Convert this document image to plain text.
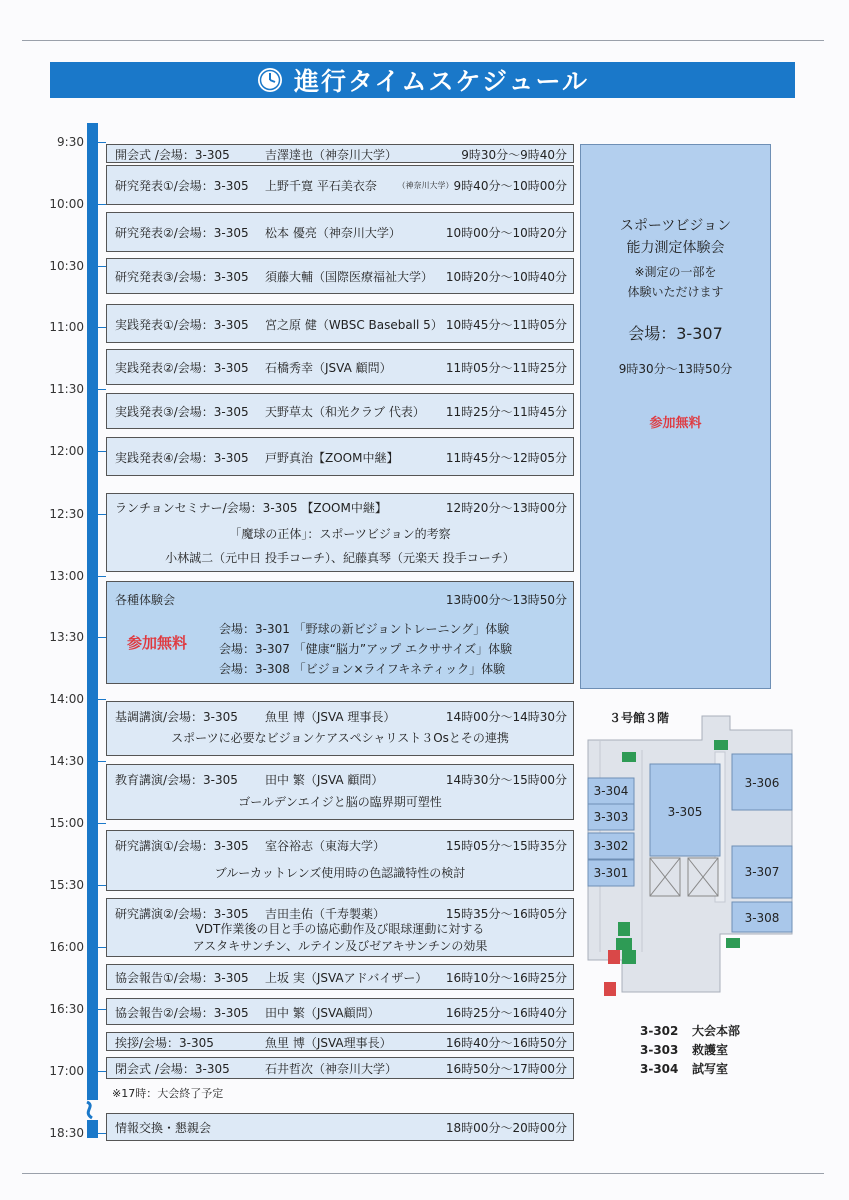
進行タイムスケジュール
9:30
10:00
10:30
11:00
11:30
12:00
12:30
13:00
13:30
14:00
14:30
15:00
15:30
16:00
16:30
17:00
18:30
開会式 /会場：3-305	吉澤達也（神奈川大学）	9時30分～9時40分
研究発表①/会場：3-305	上野千寛 平石美衣奈	（神奈川大学） 9時40分～10時00分
研究発表②/会場：3-305	松本 優亮（神奈川大学）	10時00分～10時20分
研究発表③/会場：3-305	須藤大輔（国際医療福祉大学）	10時20分～10時40分
実践発表①/会場：3-305	宮之原 健（WBSC Baseball 5） 10時45分～11時05分
実践発表②/会場：3-305	石橋秀幸（JSVA 顧問）	11時05分～11時25分
実践発表③/会場：3-305	天野草太（和光クラブ 代表）	11時25分～11時45分
実践発表④/会場：3-305	戸野真治【ZOOM中継】	11時45分～12時05分
ランチョンセミナー/会場：3-305 【ZOOM中継】	12時20分～13時00分
「魔球の正体」：スポーツビジョン的考察
小林誠二（元中日 投手コーチ）、紀藤真琴（元楽天 投手コーチ）
各種体験会	13時00分～13時50分
参加無料
会場：3-301 「野球の新ビジョントレーニング」体験
会場：3-307 「健康“脳力”アップ エクササイズ」体験
会場：3-308 「ビジョン×ライフキネティック」体験
基調講演/会場：3-305	魚里 博（JSVA 理事長）	14時00分～14時30分
スポーツに必要なビジョンケアスペシャリスト３Osとその連携
教育講演/会場：3-305	田中 繁（JSVA 顧問）	14時30分～15時00分
ゴールデンエイジと脳の臨界期可塑性
研究講演①/会場：3-305	室谷裕志（東海大学）	15時05分～15時35分
ブルーカットレンズ使用時の色認識特性の検討
研究講演②/会場：3-305	吉田圭佑（千寿製薬）	15時35分～16時05分
VDT作業後の目と手の協応動作及び眼球運動に対する
アスタキサンチン、ルテイン及びゼアキサンチンの効果
協会報告①/会場：3-305	上坂 実（JSVAアドバイザー）	16時10分～16時25分
協会報告②/会場：3-305	田中 繁（JSVA顧問）	16時25分～16時40分
挨拶/会場：3-305	魚里 博（JSVA理事長）	16時40分～16時50分
閉会式 /会場：3-305	石井哲次（神奈川大学）	16時50分～17時00分
情報交換・懇親会	18時00分～20時00分
※17時：大会終了予定
スポーツビジョン
能力測定体験会
※測定の一部を
体験いただけます
会場：3-307
9時30分～13時50分
参加無料
３号館３階
3-305
3-306
3-307
3-308
3-304
3-303
3-302
3-301
3-302 大会本部
3-303 救護室
3-304 試写室
